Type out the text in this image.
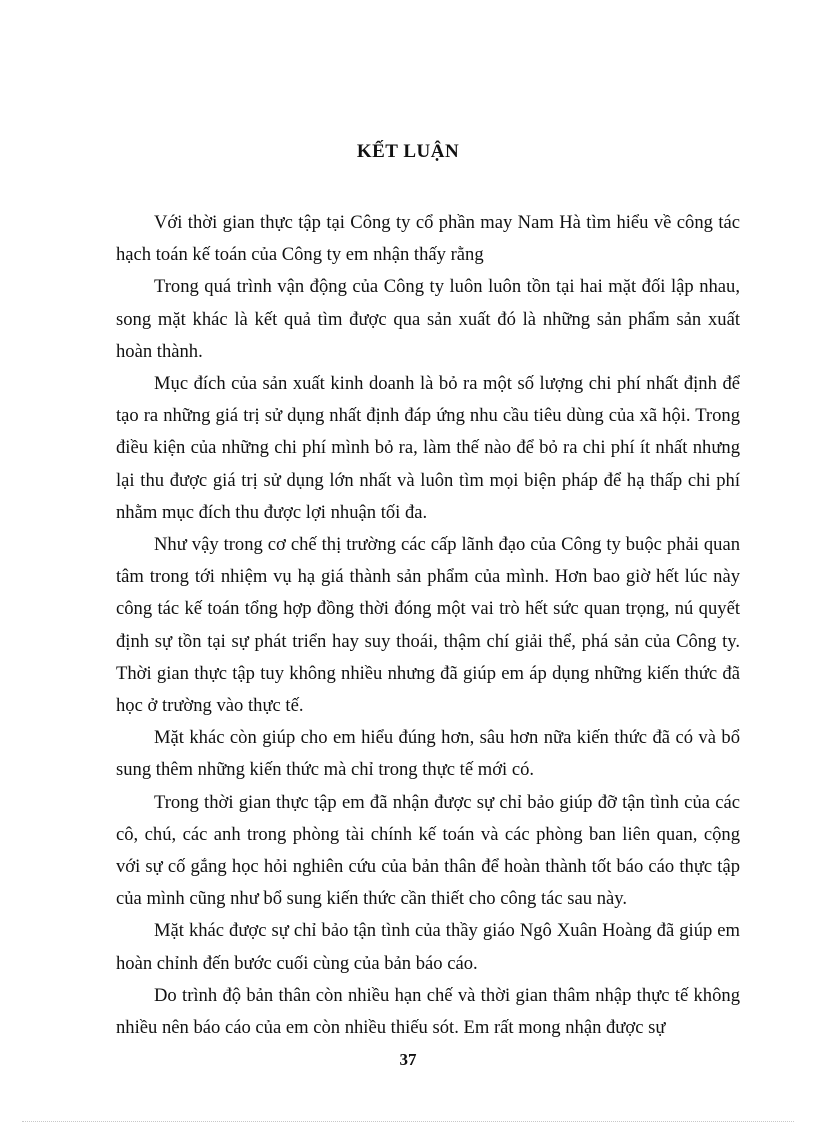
KẾT LUẬN

Với thời gian thực tập tại Công ty cổ phần may Nam Hà tìm hiểu về công tác hạch toán kế toán của Công ty em nhận thấy rằng

Trong quá trình vận động của Công ty luôn luôn tồn tại hai mặt đối lập nhau, song mặt khác là kết quả tìm được qua sản xuất đó là những sản phẩm sản xuất hoàn thành.

Mục đích của sản xuất kinh doanh là bỏ ra một số lượng chi phí nhất định để tạo ra những giá trị sử dụng nhất định đáp ứng nhu cầu tiêu dùng của xã hội. Trong điều kiện của những chi phí mình bỏ ra, làm thế nào để bỏ ra chi phí ít nhất nhưng lại thu được giá trị sử dụng lớn nhất và luôn tìm mọi biện pháp để hạ thấp chi phí nhằm mục đích thu được lợi nhuận tối đa.

Như vậy trong cơ chế thị trường các cấp lãnh đạo của Công ty buộc phải quan tâm trong tới nhiệm vụ hạ giá thành sản phẩm của mình. Hơn bao giờ hết lúc này công tác kế toán tổng hợp đồng thời đóng một vai trò hết sức quan trọng, nú quyết định sự tồn tại sự phát triển hay suy thoái, thậm chí giải thể, phá sản của Công ty. Thời gian thực tập tuy không nhiều nhưng đã giúp em áp dụng những kiến thức đã học ở trường vào thực tế.

Mặt khác còn giúp cho em hiểu đúng hơn, sâu hơn nữa kiến thức đã có và bổ sung thêm những kiến thức mà chỉ trong thực tế mới có.

Trong thời gian thực tập em đã nhận được sự chỉ bảo giúp đỡ tận tình của các cô, chú, các anh trong phòng tài chính kế toán và các phòng ban liên quan, cộng với sự cố gắng học hỏi nghiên cứu của bản thân để hoàn thành tốt báo cáo thực tập của mình cũng như bổ sung kiến thức cần thiết cho công tác sau này.

Mặt khác được sự chỉ bảo tận tình của thầy giáo Ngô Xuân Hoàng đã giúp em hoàn chỉnh đến bước cuối cùng của bản báo cáo.

Do trình độ bản thân còn nhiều hạn chế và thời gian thâm nhập thực tế không nhiều nên báo cáo của em còn nhiều thiếu sót. Em rất mong nhận được sự

37
